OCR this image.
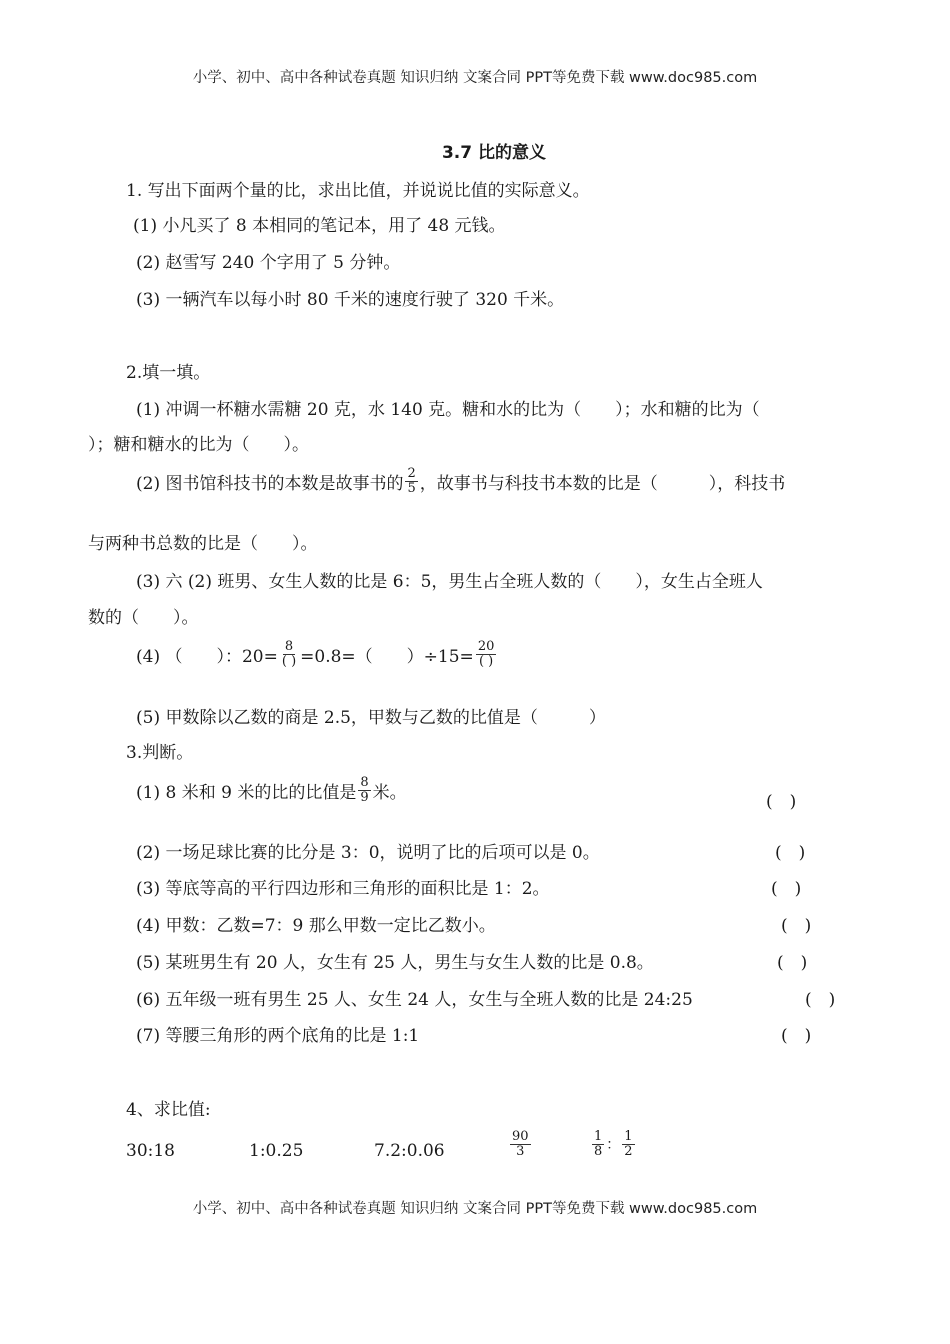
小学、初中、高中各种试卷真题 知识归纳 文案合同 PPT等免费下载 www.doc985.com
3.7 比的意义
1. 写出下面两个量的比，求出比值，并说说比值的实际意义。
(1) 小凡买了 8 本相同的笔记本，用了 48 元钱。
(2) 赵雪写 240 个字用了 5 分钟。
(3) 一辆汽车以每小时 80 千米的速度行驶了 320 千米。
2.填一填。
(1) 冲调一杯糖水需糖 20 克，水 140 克。糖和水的比为（　　）；水和糖的比为（
）；糖和糖水的比为（　　）。
(2) 图书馆科技书的本数是故事书的 $\frac{2}{5}$ ，故事书与科技书本数的比是（　　　），科技书
与两种书总数的比是（　　）。
(3) 六 (2) 班男、女生人数的比是 6：5，男生占全班人数的（　　），女生占全班人
数的（　　）。
(4) （　　）：$20= \frac{8}{( )} =0.8=$（　　）$\div 15= \frac{20}{( )}$
(5) 甲数除以乙数的商是 2.5，甲数与乙数的比值是（　　　）
3.判断。
(1) 8 米和 9 米的比的比值是 $\frac{8}{9}$ 米。	(　)
(2) 一场足球比赛的比分是 3：0，说明了比的后项可以是 0。	(　)
(3) 等底等高的平行四边形和三角形的面积比是 1：2。	(　)
(4) 甲数：乙数=7：9 那么甲数一定比乙数小。	(　)
(5) 某班男生有 20 人，女生有 25 人，男生与女生人数的比是 0.8。	(　)
(6) 五年级一班有男生 25 人、女生 24 人，女生与全班人数的比是 24:25	(　)
(7) 等腰三角形的两个底角的比是 1:1	(　)
4、求比值:
30:18	1:0.25	7.2:0.06	$\frac{90}{3}$	$\frac{1}{8}$ ： $\frac{1}{2}$
小学、初中、高中各种试卷真题 知识归纳 文案合同 PPT等免费下载 www.doc985.com
